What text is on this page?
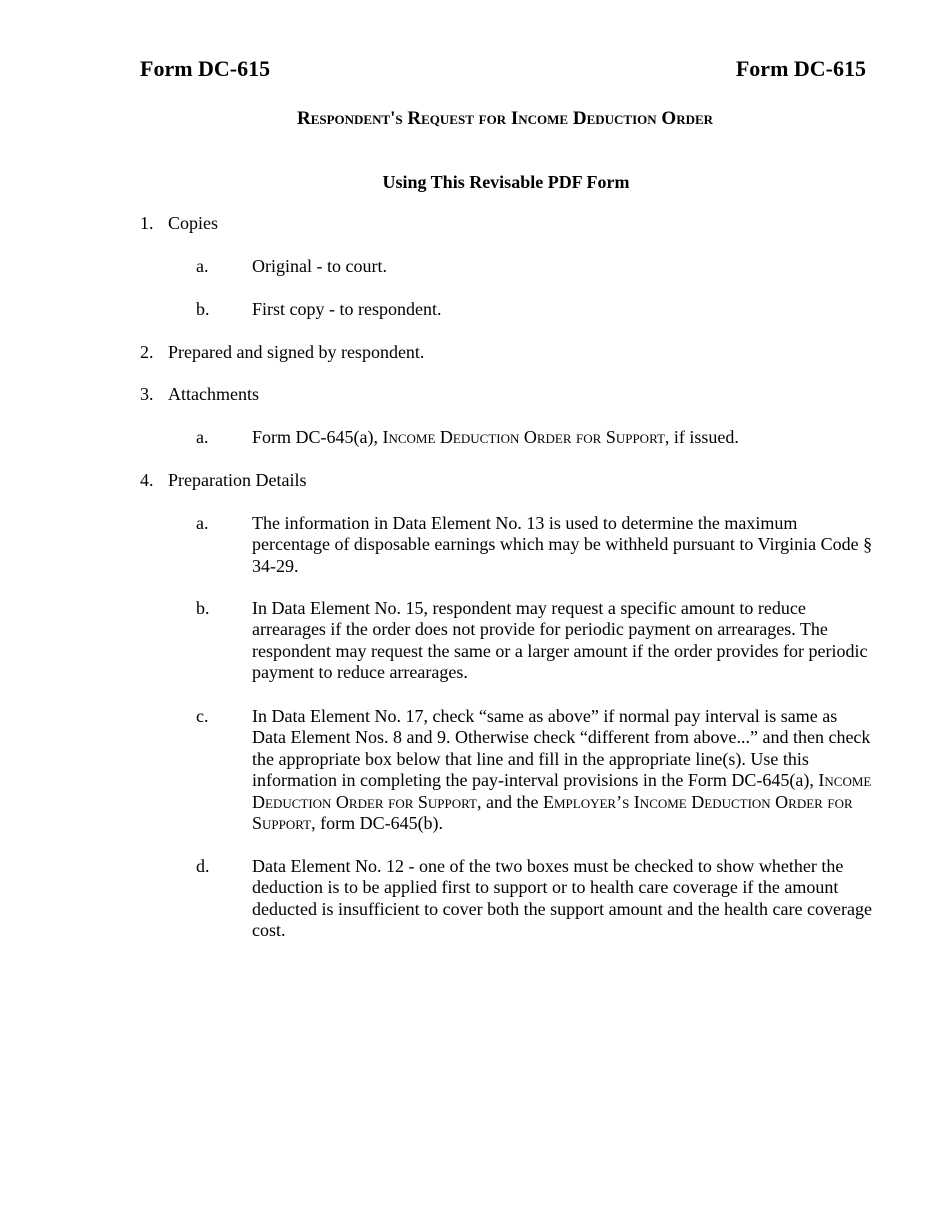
Form DC-615	Form DC-615
Respondent's Request for Income Deduction Order
Using This Revisable PDF Form
1. Copies
a. Original - to court.
b. First copy - to respondent.
2. Prepared and signed by respondent.
3. Attachments
a. Form DC-645(a), Income Deduction Order for Support, if issued.
4. Preparation Details
a. The information in Data Element No. 13 is used to determine the maximum percentage of disposable earnings which may be withheld pursuant to Virginia Code § 34-29.
b. In Data Element No. 15, respondent may request a specific amount to reduce arrearages if the order does not provide for periodic payment on arrearages. The respondent may request the same or a larger amount if the order provides for periodic payment to reduce arrearages.
c. In Data Element No. 17, check “same as above” if normal pay interval is same as Data Element Nos. 8 and 9. Otherwise check “different from above...” and then check the appropriate box below that line and fill in the appropriate line(s). Use this information in completing the pay-interval provisions in the Form DC-645(a), Income Deduction Order for Support, and the Employer’s Income Deduction Order for Support, form DC-645(b).
d. Data Element No. 12 - one of the two boxes must be checked to show whether the deduction is to be applied first to support or to health care coverage if the amount deducted is insufficient to cover both the support amount and the health care coverage cost.
